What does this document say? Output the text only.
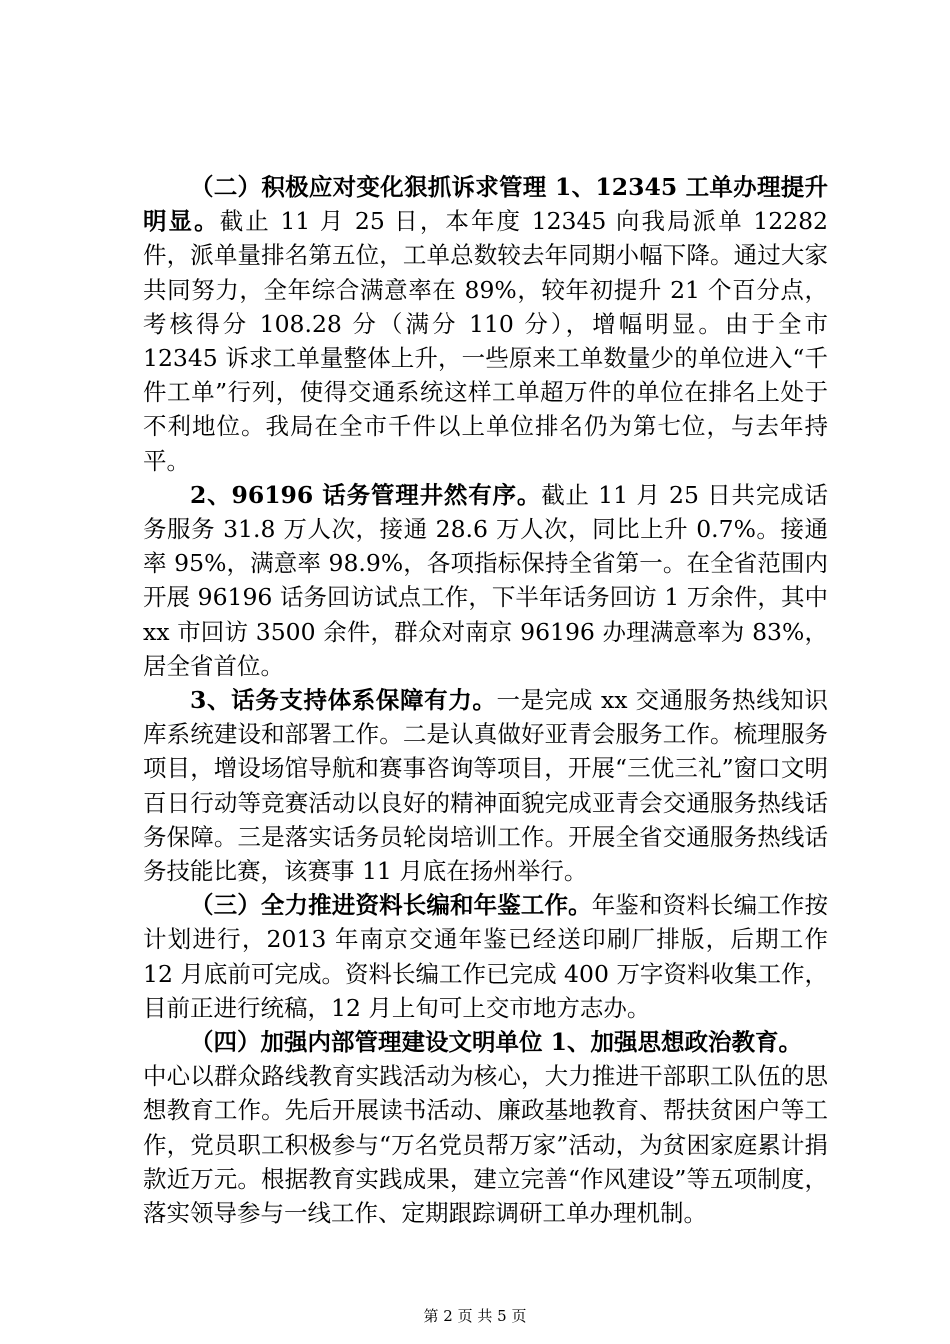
（二）积极应对变化狠抓诉求管理 1、12345 工单办理提升明显。截止 11 月 25 日，本年度 12345 向我局派单 12282 件，派单量排名第五位，工单总数较去年同期小幅下降。通过大家共同努力，全年综合满意率在 89%，较年初提升 21 个百分点，考核得分 108.28 分（满分 110 分），增幅明显。由于全市 12345 诉求工单量整体上升，一些原来工单数量少的单位进入“千件工单”行列，使得交通系统这样工单超万件的单位在排名上处于不利地位。我局在全市千件以上单位排名仍为第七位，与去年持平。

2、96196 话务管理井然有序。截止 11 月 25 日共完成话务服务 31.8 万人次，接通 28.6 万人次，同比上升 0.7%。接通率 95%，满意率 98.9%，各项指标保持全省第一。在全省范围内开展 96196 话务回访试点工作，下半年话务回访 1 万余件，其中 xx 市回访 3500 余件，群众对南京 96196 办理满意率为 83%，居全省首位。

3、话务支持体系保障有力。一是完成 xx 交通服务热线知识库系统建设和部署工作。二是认真做好亚青会服务工作。梳理服务项目，增设场馆导航和赛事咨询等项目，开展“三优三礼”窗口文明百日行动等竞赛活动以良好的精神面貌完成亚青会交通服务热线话务保障。三是落实话务员轮岗培训工作。开展全省交通服务热线话务技能比赛，该赛事 11 月底在扬州举行。

（三）全力推进资料长编和年鉴工作。年鉴和资料长编工作按计划进行，2013 年南京交通年鉴已经送印刷厂排版，后期工作 12 月底前可完成。资料长编工作已完成 400 万字资料收集工作，目前正进行统稿，12 月上旬可上交市地方志办。

（四）加强内部管理建设文明单位 1、加强思想政治教育。

中心以群众路线教育实践活动为核心，大力推进干部职工队伍的思想教育工作。先后开展读书活动、廉政基地教育、帮扶贫困户等工作，党员职工积极参与“万名党员帮万家”活动，为贫困家庭累计捐款近万元。根据教育实践成果，建立完善“作风建设”等五项制度，落实领导参与一线工作、定期跟踪调研工单办理机制。

第 2 页 共 5 页
